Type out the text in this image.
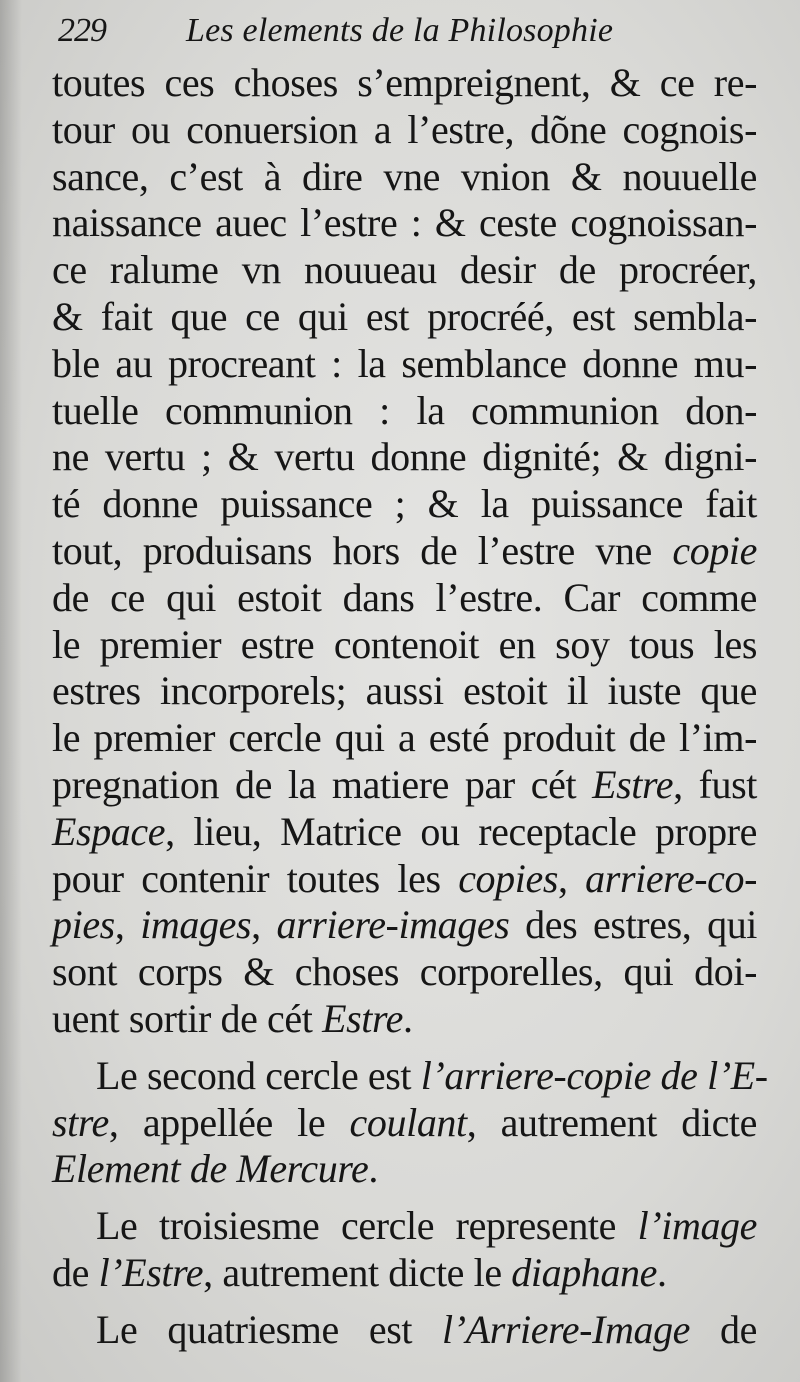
229 Les elements de la Philosophie
toutes ces choses s’empreignent, & ce re-
tour ou conuersion a l’estre, dõne cognois-
sance, c’est à dire vne vnion & nouuelle
naissance auec l’estre : & ceste cognoissan-
ce ralume vn nouueau desir de procréer,
& fait que ce qui est procréé, est sembla-
ble au procreant : la semblance donne mu-
tuelle communion : la communion don-
ne vertu ; & vertu donne dignité; & digni-
té donne puissance ; & la puissance fait
tout, produisans hors de l’estre vne copie
de ce qui estoit dans l’estre. Car comme
le premier estre contenoit en soy tous les
estres incorporels; aussi estoit il iuste que
le premier cercle qui a esté produit de l’im-
pregnation de la matiere par cét Estre, fust
Espace, lieu, Matrice ou receptacle propre
pour contenir toutes les copies, arriere-co-
pies, images, arriere-images des estres, qui
sont corps & choses corporelles, qui doi-
uent sortir de cét Estre.
Le second cercle est l’arriere-copie de l’E-
stre, appellée le coulant, autrement dicte
Element de Mercure.
Le troisiesme cercle represente l’image
de l’Estre, autrement dicte le diaphane.
Le quatriesme est l’Arriere-Image de
